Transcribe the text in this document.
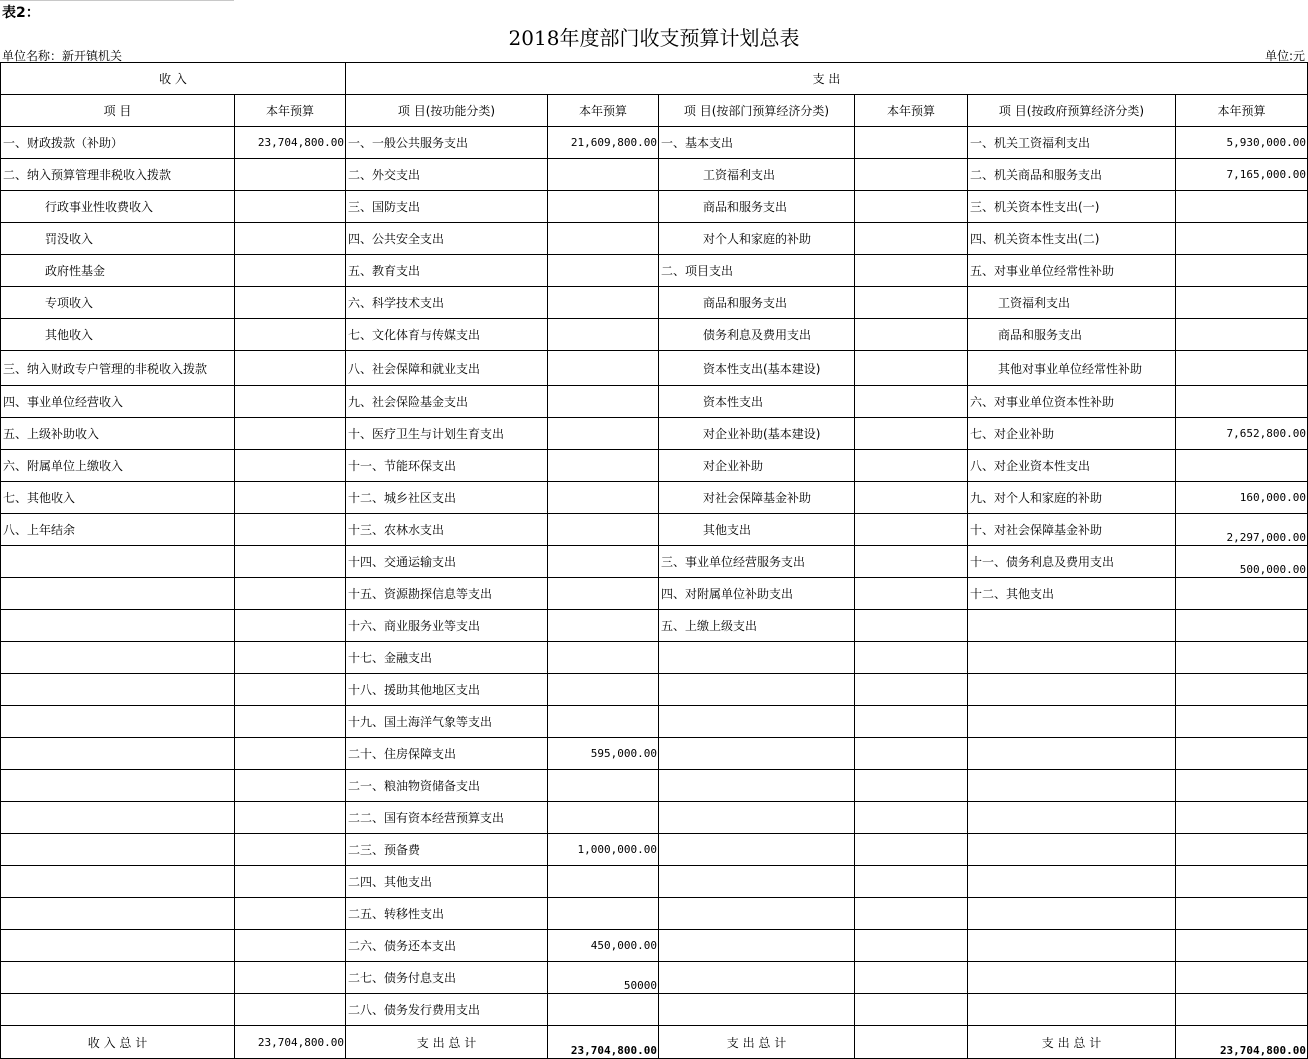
表2：
2018年度部门收支预算计划总表
单位名称：新开镇机关	单位:元
收 入		支 出					
项 目	本年预算	项 目(按功能分类)	本年预算	项 目(按部门预算经济分类)	本年预算	项 目(按政府预算经济分类)	本年预算
一、财政拨款（补助）	23,704,800.00	一、一般公共服务支出	21,609,800.00	一、基本支出		一、机关工资福利支出	5,930,000.00
二、纳入预算管理非税收入拨款		二、外交支出		工资福利支出		二、机关商品和服务支出	7,165,000.00
行政事业性收费收入		三、国防支出		商品和服务支出		三、机关资本性支出(一)	
罚没收入		四、公共安全支出		对个人和家庭的补助		四、机关资本性支出(二)	
政府性基金		五、教育支出		二、项目支出		五、对事业单位经常性补助	
专项收入		六、科学技术支出		商品和服务支出		工资福利支出	
其他收入		七、文化体育与传媒支出		债务利息及费用支出		商品和服务支出	
三、纳入财政专户管理的非税收入拨款		八、社会保障和就业支出		资本性支出(基本建设)		其他对事业单位经常性补助	
四、事业单位经营收入		九、社会保险基金支出		资本性支出		六、对事业单位资本性补助	
五、上级补助收入		十、医疗卫生与计划生育支出		对企业补助(基本建设)		七、对企业补助	7,652,800.00
六、附属单位上缴收入		十一、节能环保支出		对企业补助		八、对企业资本性支出	
七、其他收入		十二、城乡社区支出		对社会保障基金补助		九、对个人和家庭的补助	160,000.00
八、上年结余		十三、农林水支出		其他支出		十、对社会保障基金补助	2,297,000.00
		十四、交通运输支出		三、事业单位经营服务支出		十一、债务利息及费用支出	500,000.00
		十五、资源勘探信息等支出		四、对附属单位补助支出		十二、其他支出	
		十六、商业服务业等支出		五、上缴上级支出			
		十七、金融支出					
		十八、援助其他地区支出					
		十九、国土海洋气象等支出					
		二十、住房保障支出	595,000.00				
		二一、粮油物资储备支出					
		二二、国有资本经营预算支出					
		二三、预备费	1,000,000.00				
		二四、其他支出					
		二五、转移性支出					
		二六、债务还本支出	450,000.00				
		二七、债务付息支出	50000				
		二八、债务发行费用支出					
收 入 总 计	23,704,800.00	支 出 总 计	23,704,800.00	支 出 总 计		支 出 总 计	23,704,800.00
